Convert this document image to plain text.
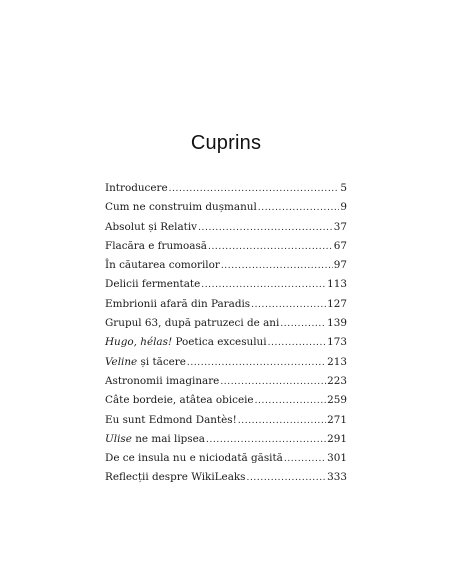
Cuprins
Introducere .....	5
Cum ne construim dușmanul .....	9
Absolut și Relativ .....	37
Flacăra e frumoasă .....	67
În căutarea comorilor .....	97
Delicii fermentate .....	113
Embrionii afară din Paradis .....	127
Grupul 63, după patruzeci de ani .....	139
Hugo, hélas! Poetica excesului .....	173
Veline și tăcere .....	213
Astronomii imaginare .....	223
Câte bordeie, atâtea obiceie .....	259
Eu sunt Edmond Dantès! .....	271
Ulise ne mai lipsea .....	291
De ce insula nu e niciodată găsită .....	301
Reflecții despre WikiLeaks .....	333
